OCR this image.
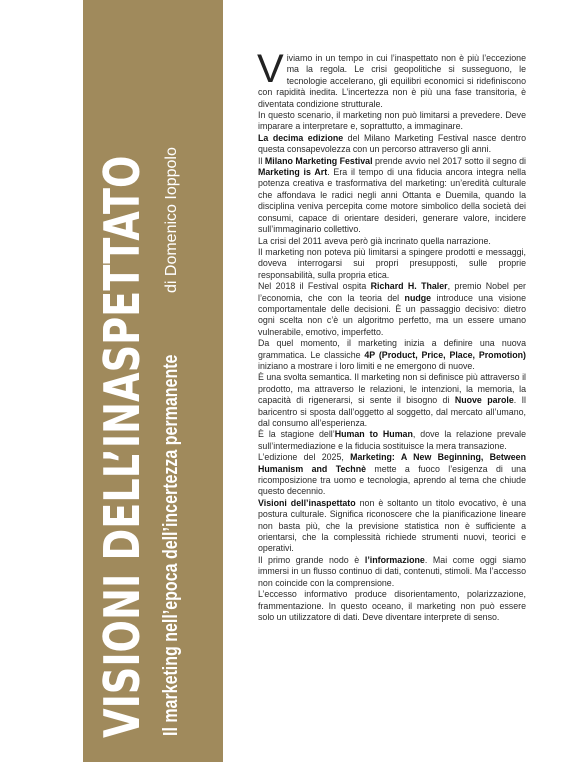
VISIONI DELL’INASPETTATO Il marketing nell’epoca dell’incertezza permanente
di Domenico Ioppolo

Viviamo in un tempo in cui l’inaspettato non è più l’eccezione ma la regola. Le crisi geopolitiche si susseguono, le tecnologie accelerano, gli equilibri economici si ridefiniscono con rapidità inedita. L’incertezza non è più una fase transitoria, è diventata condizione strutturale.

In questo scenario, il marketing non può limitarsi a prevedere. Deve imparare a interpretare e, soprattutto, a immaginare.

La decima edizione del Milano Marketing Festival nasce dentro questa consapevolezza con un percorso attraverso gli anni.

Il Milano Marketing Festival prende avvio nel 2017 sotto il segno di Marketing is Art. Era il tempo di una fiducia ancora integra nella potenza creativa e trasformativa del marketing: un’eredità culturale che affondava le radici negli anni Ottanta e Duemila, quando la disciplina veniva percepita come motore simbolico della società dei consumi, capace di orientare desideri, generare valore, incidere sull’immaginario collettivo.

La crisi del 2011 aveva però già incrinato quella narrazione.

Il marketing non poteva più limitarsi a spingere prodotti e messaggi, doveva interrogarsi sui propri presupposti, sulle proprie responsabilità, sulla propria etica.

Nel 2018 il Festival ospita Richard H. Thaler, premio Nobel per l’economia, che con la teoria del nudge introduce una visione comportamentale delle decisioni. È un passaggio decisivo: dietro ogni scelta non c’è un algoritmo perfetto, ma un essere umano vulnerabile, emotivo, imperfetto.

Da quel momento, il marketing inizia a definire una nuova grammatica. Le classiche 4P (Product, Price, Place, Promotion) iniziano a mostrare i loro limiti e ne emergono di nuove.

È una svolta semantica. Il marketing non si definisce più attraverso il prodotto, ma attraverso le relazioni, le intenzioni, la memoria, la capacità di rigenerarsi, si sente il bisogno di Nuove parole. Il baricentro si sposta dall’oggetto al soggetto, dal mercato all’umano, dal consumo all’esperienza.

È la stagione dell’Human to Human, dove la relazione prevale sull’intermediazione e la fiducia sostituisce la mera transazione.

L’edizione del 2025, Marketing: A New Beginning, Between Humanism and Technè mette a fuoco l’esigenza di una ricomposizione tra uomo e tecnologia, aprendo al tema che chiude questo decennio.

Visioni dell’inaspettato non è soltanto un titolo evocativo, è una postura culturale. Significa riconoscere che la pianificazione lineare non basta più, che la previsione statistica non è sufficiente a orientarsi, che la complessità richiede strumenti nuovi, teorici e operativi.

Il primo grande nodo è l’informazione. Mai come oggi siamo immersi in un flusso continuo di dati, contenuti, stimoli. Ma l’accesso non coincide con la comprensione.

L’eccesso informativo produce disorientamento, polarizzazione, frammentazione. In questo oceano, il marketing non può essere solo un utilizzatore di dati. Deve diventare interprete di senso.
